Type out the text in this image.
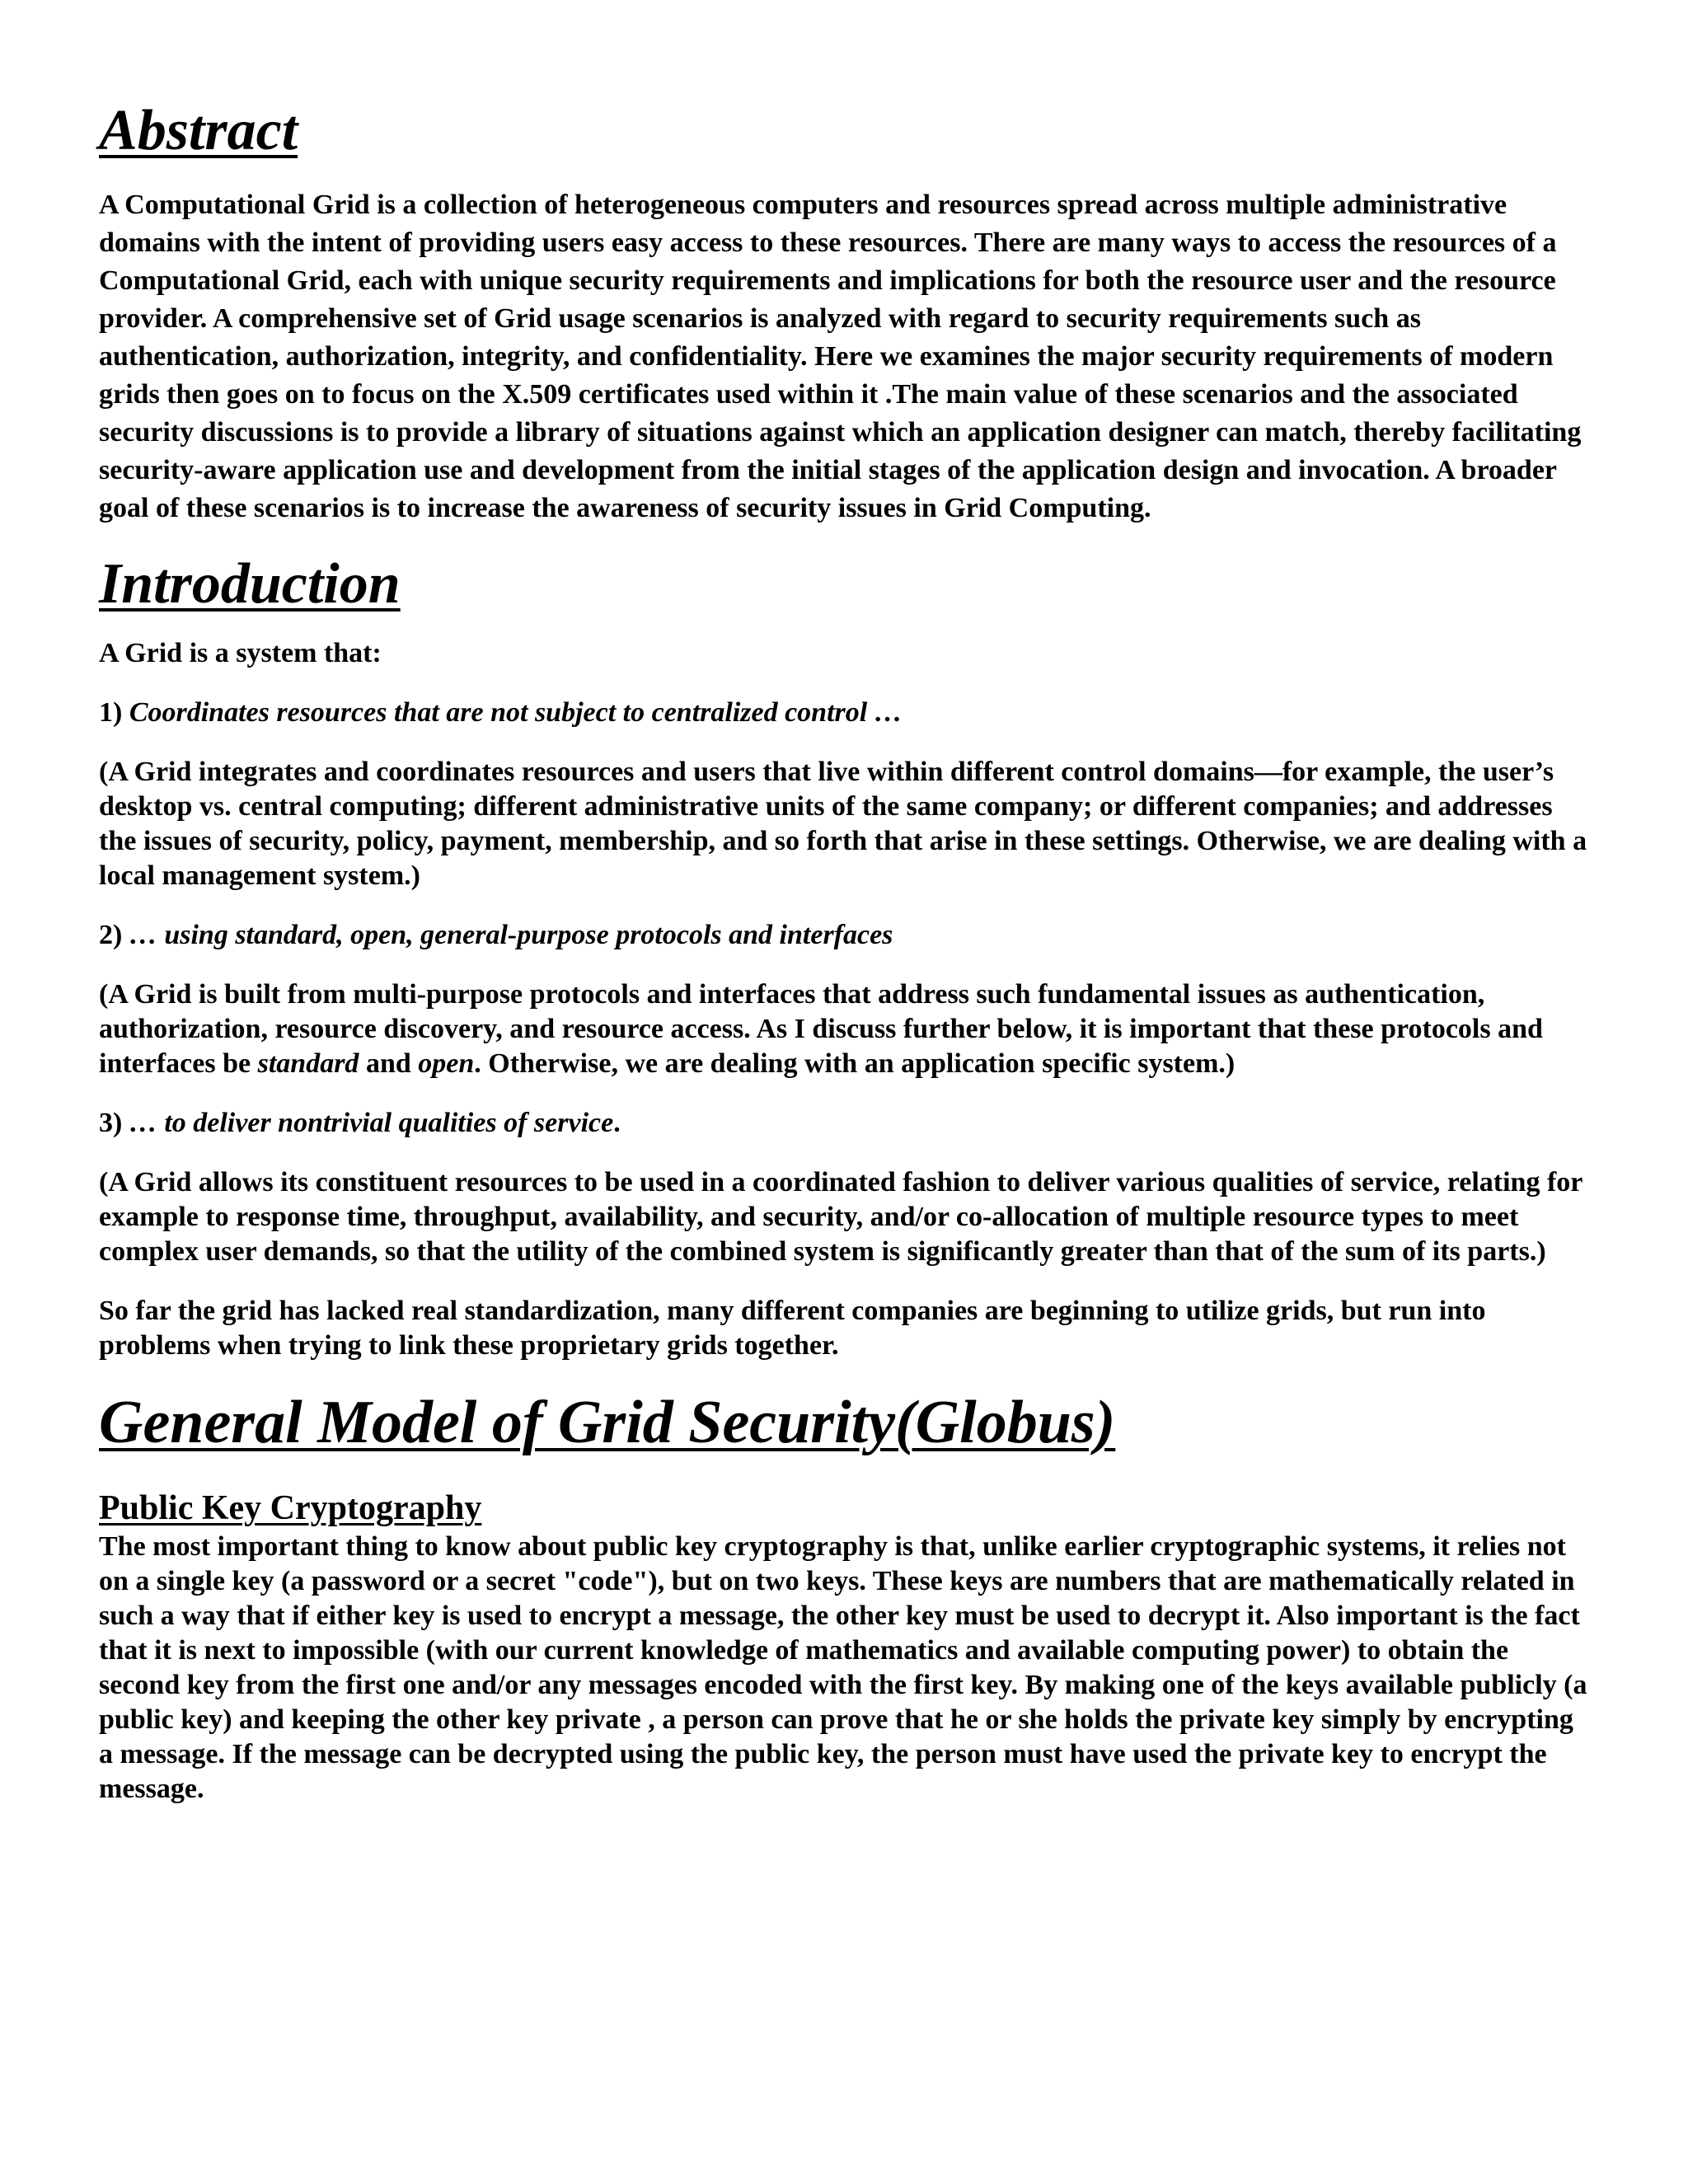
Abstract

A Computational Grid is a collection of heterogeneous computers and resources spread across multiple administrative domains with the intent of providing users easy access to these resources. There are many ways to access the resources of a Computational Grid, each with unique security requirements and implications for both the resource user and the resource provider. A comprehensive set of Grid usage scenarios is analyzed with regard to security requirements such as authentication, authorization, integrity, and confidentiality. Here we examines the major security requirements of modern grids then goes on to focus on the X.509 certificates used within it .The main value of these scenarios and the associated security discussions is to provide a library of situations against which an application designer can match, thereby facilitating security-aware application use and development from the initial stages of the application design and invocation. A broader goal of these scenarios is to increase the awareness of security issues in Grid Computing.

Introduction

A Grid is a system that:

1) Coordinates resources that are not subject to centralized control …

(A Grid integrates and coordinates resources and users that live within different control domains—for example, the user’s desktop vs. central computing; different administrative units of the same company; or different companies; and addresses the issues of security, policy, payment, membership, and so forth that arise in these settings. Otherwise, we are dealing with a local management system.)

2) … using standard, open, general-purpose protocols and interfaces

(A Grid is built from multi-purpose protocols and interfaces that address such fundamental issues as authentication, authorization, resource discovery, and resource access. As I discuss further below, it is important that these protocols and interfaces be standard and open. Otherwise, we are dealing with an application specific system.)

3) … to deliver nontrivial qualities of service.

(A Grid allows its constituent resources to be used in a coordinated fashion to deliver various qualities of service, relating for example to response time, throughput, availability, and security, and/or co-allocation of multiple resource types to meet complex user demands, so that the utility of the combined system is significantly greater than that of the sum of its parts.)

So far the grid has lacked real standardization, many different companies are beginning to utilize grids, but run into problems when trying to link these proprietary grids together.

General Model of Grid Security(Globus)
Public Key Cryptography

The most important thing to know about public key cryptography is that, unlike earlier cryptographic systems, it relies not on a single key (a password or a secret "code"), but on two keys. These keys are numbers that are mathematically related in such a way that if either key is used to encrypt a message, the other key must be used to decrypt it. Also important is the fact that it is next to impossible (with our current knowledge of mathematics and available computing power) to obtain the second key from the first one and/or any messages encoded with the first key. By making one of the keys available publicly (a public key) and keeping the other key private , a person can prove that he or she holds the private key simply by encrypting a message. If the message can be decrypted using the public key, the person must have used the private key to encrypt the message.
